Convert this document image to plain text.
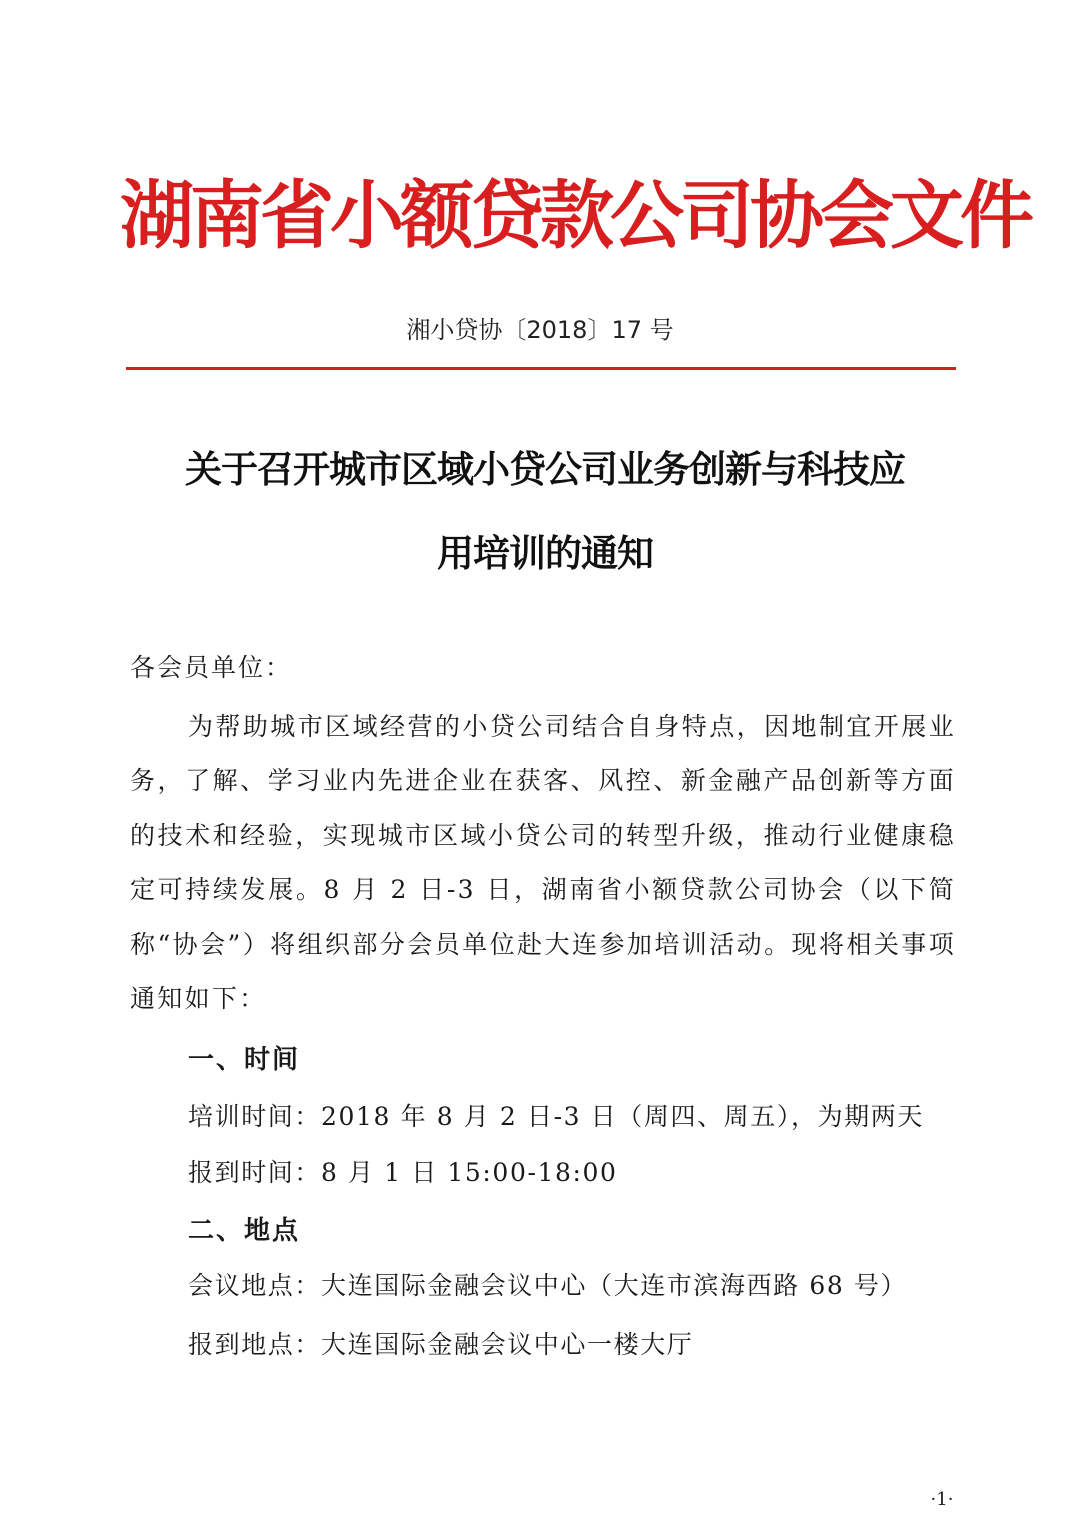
湖南省小额贷款公司协会文件
湘小贷协〔2018〕17 号
关于召开城市区域小贷公司业务创新与科技应
用培训的通知
各会员单位：
为帮助城市区域经营的小贷公司结合自身特点，因地制宜开展业务，了解、学习业内先进企业在获客、风控、新金融产品创新等方面的技术和经验，实现城市区域小贷公司的转型升级，推动行业健康稳定可持续发展。8 月 2 日-3 日，湖南省小额贷款公司协会（以下简称“协会”）将组织部分会员单位赴大连参加培训活动。现将相关事项通知如下：
一、时间
培训时间：2018 年 8 月 2 日-3 日（周四、周五），为期两天
报到时间：8 月 1 日 15:00-18:00
二、地点
会议地点：大连国际金融会议中心（大连市滨海西路 68 号）
报到地点：大连国际金融会议中心一楼大厅
·1·
